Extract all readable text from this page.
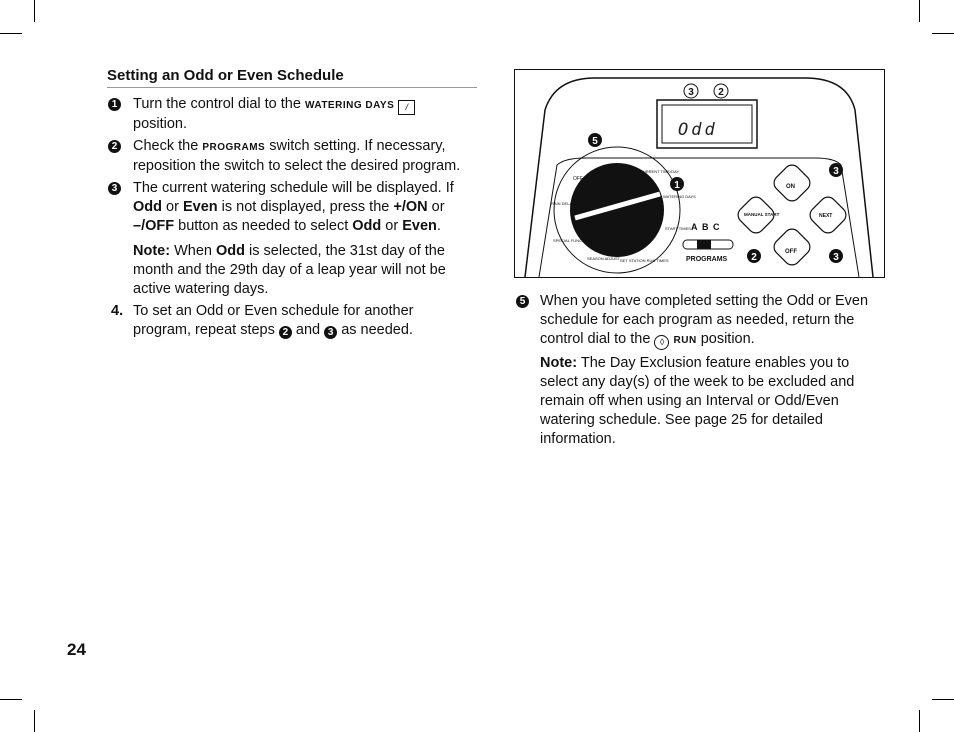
Setting an Odd or Even Schedule
1 Turn the control dial to the WATERING DAYS /
position.
2 Check the PROGRAMS switch setting. If necessary, reposition the switch to select the desired program.
3 The current watering schedule will be displayed. If Odd or Even is not displayed, press the +/ON or –/OFF button as needed to select Odd or Even.
Note: When Odd is selected, the 31st day of the month and the 29th day of a leap year will not be active watering days.
4. To set an Odd or Even schedule for another program, repeat steps 2 and 3 as needed.
Odd
OFF
RUN	CURRENT TIME/DAY
WATERING DAYS
START TIMES
SET STATION RUN TIMES
SEASON ADJUST
SPECIAL FUNCTIONS
RAIN DELAY
A B C
PROGRAMS
ON
OFF
MANUAL START	NEXT
3 2
5
1
3
2	3
5 When you have completed setting the Odd or Even schedule for each program as needed, return the control dial to the ◊ RUN position.
Note: The Day Exclusion feature enables you to select any day(s) of the week to be excluded and remain off when using an Interval or Odd/Even watering schedule. See page 25 for detailed information.
24
